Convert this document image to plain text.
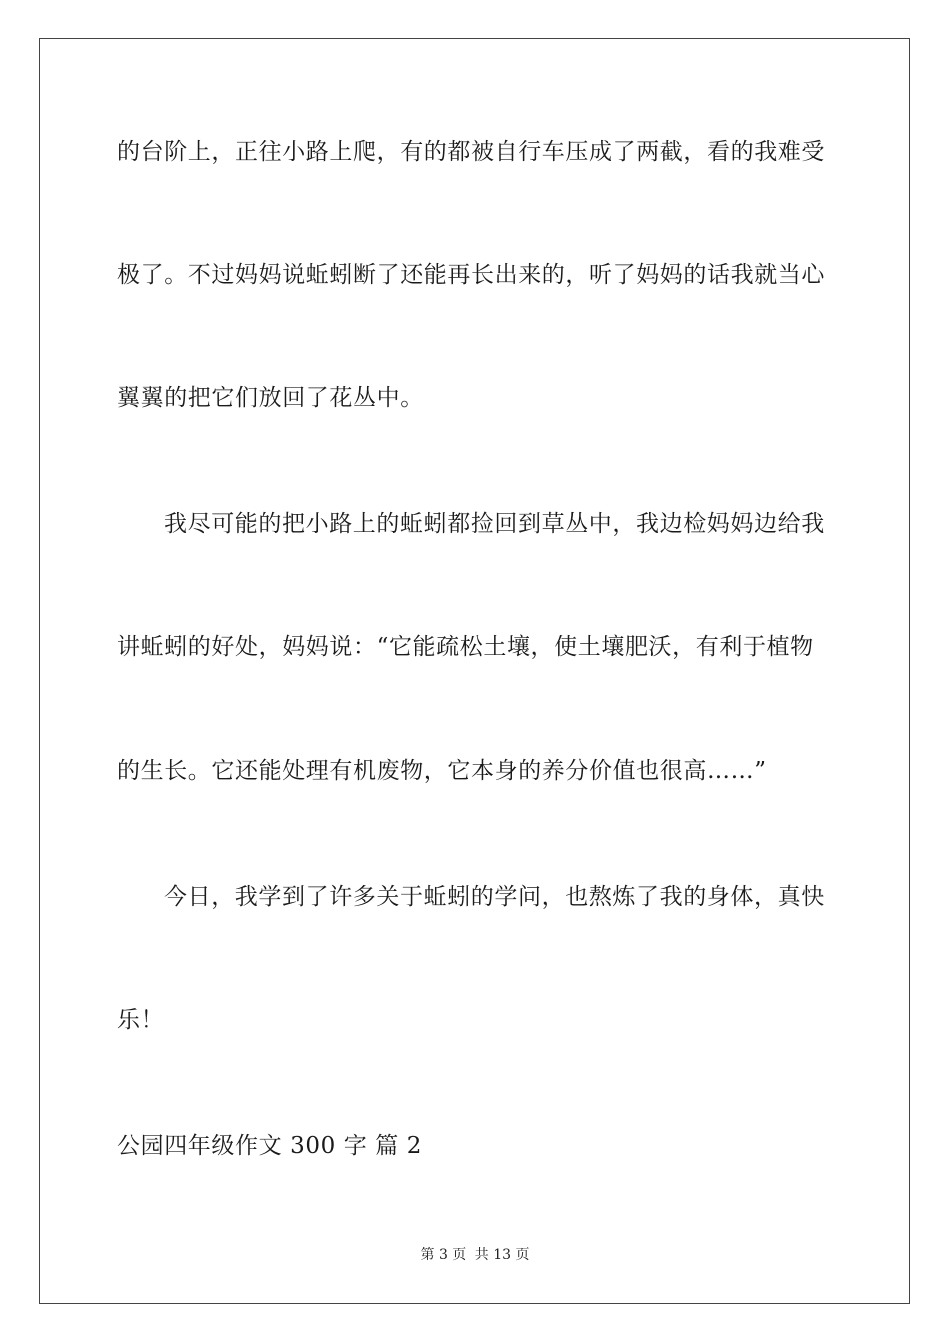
的台阶上，正往小路上爬，有的都被自行车压成了两截，看的我难受
极了。不过妈妈说蚯蚓断了还能再长出来的，听了妈妈的话我就当心
翼翼的把它们放回了花丛中。
我尽可能的把小路上的蚯蚓都捡回到草丛中，我边检妈妈边给我
讲蚯蚓的好处，妈妈说：“它能疏松土壤，使土壤肥沃，有利于植物
的生长。它还能处理有机废物，它本身的养分价值也很高……”
今日，我学到了许多关于蚯蚓的学问，也熬炼了我的身体，真快
乐！
公园四年级作文 300 字 篇 2
第 3 页 共 13 页
